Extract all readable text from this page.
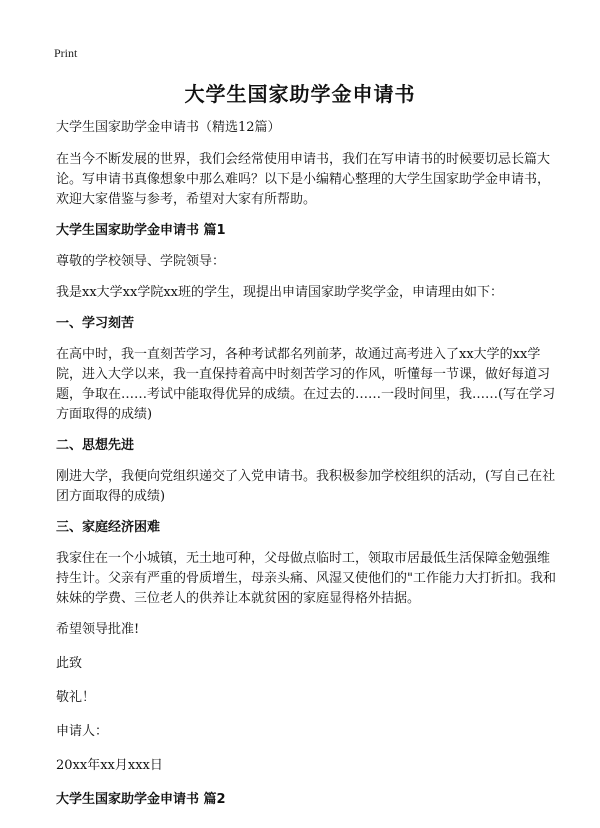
Print
大学生国家助学金申请书

大学生国家助学金申请书（精选12篇）

在当今不断发展的世界，我们会经常使用申请书，我们在写申请书的时候要切忌长篇大论。写申请书真像想象中那么难吗？以下是小编精心整理的大学生国家助学金申请书，欢迎大家借鉴与参考，希望对大家有所帮助。

大学生国家助学金申请书 篇1

尊敬的学校领导、学院领导：

我是xx大学xx学院xx班的学生，现提出申请国家助学奖学金，申请理由如下：

一、学习刻苦

在高中时，我一直刻苦学习，各种考试都名列前茅，故通过高考进入了xx大学的xx学院，进入大学以来，我一直保持着高中时刻苦学习的作风，听懂每一节课，做好每道习题，争取在……考试中能取得优异的成绩。在过去的……一段时间里，我……(写在学习方面取得的成绩)

二、思想先进

刚进大学，我便向党组织递交了入党申请书。我积极参加学校组织的活动，(写自己在社团方面取得的成绩)

三、家庭经济困难

我家住在一个小城镇，无土地可种，父母做点临时工，领取市居最低生活保障金勉强维持生计。父亲有严重的骨质增生，母亲头痛、风湿又使他们的"工作能力大打折扣。我和妹妹的学费、三位老人的供养让本就贫困的家庭显得格外拮据。

希望领导批准!

此致

敬礼！

申请人：

20xx年xx月xxx日

大学生国家助学金申请书 篇2
